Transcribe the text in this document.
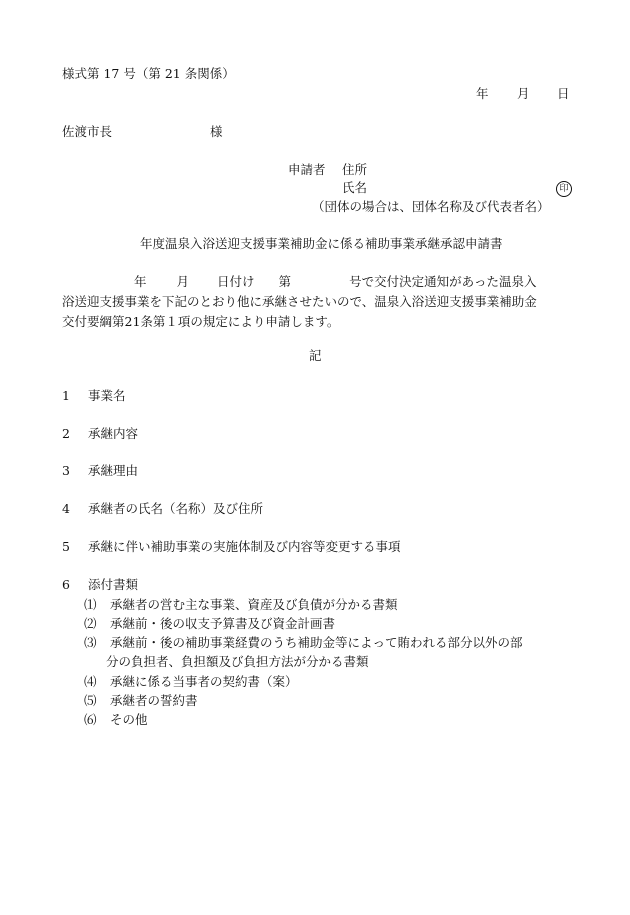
様式第 17 号（第 21 条関係）
年 月 日
佐渡市長	様
申請者 住所
氏名	印
（団体の場合は、団体名称及び代表者名）
年度温泉入浴送迎支援事業補助金に係る補助事業承継承認申請書
年 月 日付け 第	号で交付決定通知があった温泉入
浴送迎支援事業を下記のとおり他に承継させたいので、温泉入浴送迎支援事業補助金
交付要綱第21条第１項の規定により申請します。
記
1 事業名
2 承継内容
3 承継理由
4 承継者の氏名（名称）及び住所
5 承継に伴い補助事業の実施体制及び内容等変更する事項
6 添付書類
⑴ 承継者の営む主な事業、資産及び負債が分かる書類
⑵ 承継前・後の収支予算書及び資金計画書
⑶ 承継前・後の補助事業経費のうち補助金等によって賄われる部分以外の部
分の負担者、負担額及び負担方法が分かる書類
⑷ 承継に係る当事者の契約書（案）
⑸ 承継者の誓約書
⑹ その他
